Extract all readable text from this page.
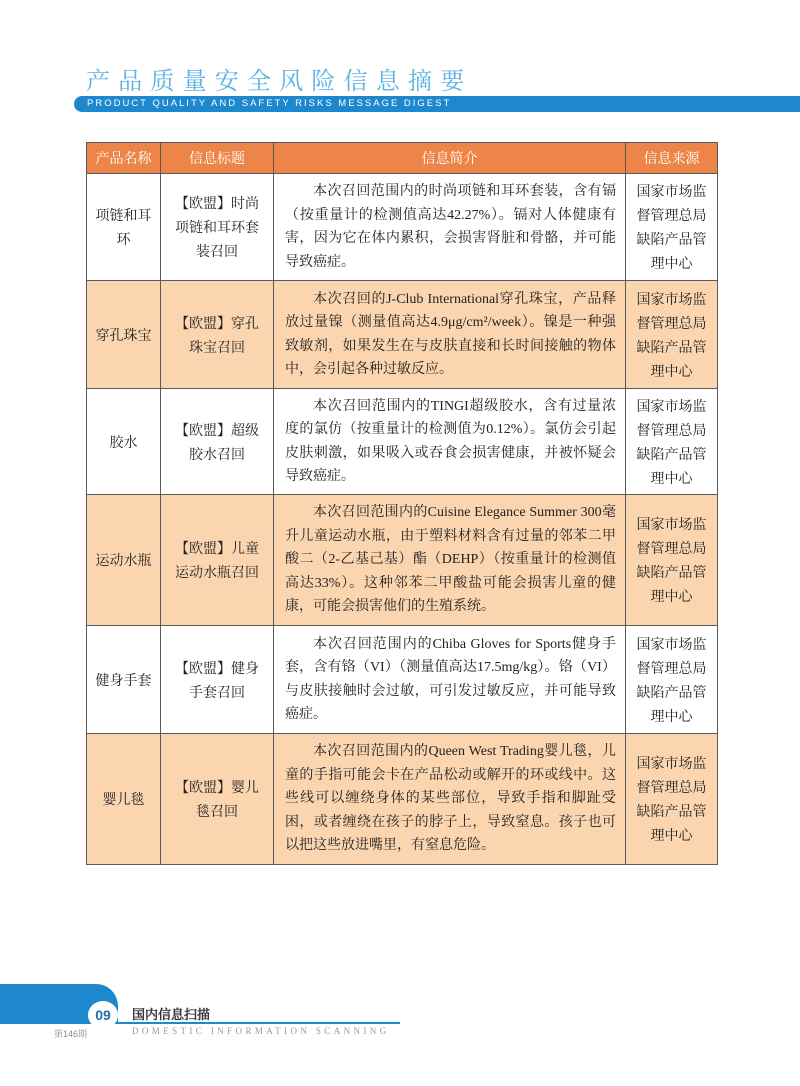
产品质量安全风险信息摘要
PRODUCT QUALITY AND SAFETY RISKS MESSAGE DIGEST
产品名称	信息标题	信息简介	信息来源
项链和耳环	【欧盟】时尚项链和耳环套装召回	本次召回范围内的时尚项链和耳环套装，含有镉（按重量计的检测值高达42.27%）。镉对人体健康有害，因为它在体内累积，会损害肾脏和骨骼，并可能导致癌症。	国家市场监督管理总局缺陷产品管理中心
穿孔珠宝	【欧盟】穿孔珠宝召回	本次召回的J-Club International穿孔珠宝，产品释放过量镍（测量值高达4.9μg/cm²/week）。镍是一种强致敏剂，如果发生在与皮肤直接和长时间接触的物体中，会引起各种过敏反应。	国家市场监督管理总局缺陷产品管理中心
胶水	【欧盟】超级胶水召回	本次召回范围内的TINGI超级胶水，含有过量浓度的氯仿（按重量计的检测值为0.12%）。氯仿会引起皮肤刺激，如果吸入或吞食会损害健康，并被怀疑会导致癌症。	国家市场监督管理总局缺陷产品管理中心
运动水瓶	【欧盟】儿童运动水瓶召回	本次召回范围内的Cuisine Elegance Summer 300毫升儿童运动水瓶，由于塑料材料含有过量的邻苯二甲酸二（2-乙基己基）酯（DEHP）（按重量计的检测值高达33%）。这种邻苯二甲酸盐可能会损害儿童的健康，可能会损害他们的生殖系统。	国家市场监督管理总局缺陷产品管理中心
健身手套	【欧盟】健身手套召回	本次召回范围内的Chiba Gloves for Sports健身手套，含有铬（VI）（测量值高达17.5mg/kg）。铬（VI）与皮肤接触时会过敏，可引发过敏反应，并可能导致癌症。	国家市场监督管理总局缺陷产品管理中心
婴儿毯	【欧盟】婴儿毯召回	本次召回范围内的Queen West Trading婴儿毯，儿童的手指可能会卡在产品松动或解开的环或线中。这些线可以缠绕身体的某些部位，导致手指和脚趾受困，或者缠绕在孩子的脖子上，导致窒息。孩子也可以把这些放进嘴里，有窒息危险。	国家市场监督管理总局缺陷产品管理中心
09
第146期
国内信息扫描
DOMESTIC INFORMATION SCANNING
